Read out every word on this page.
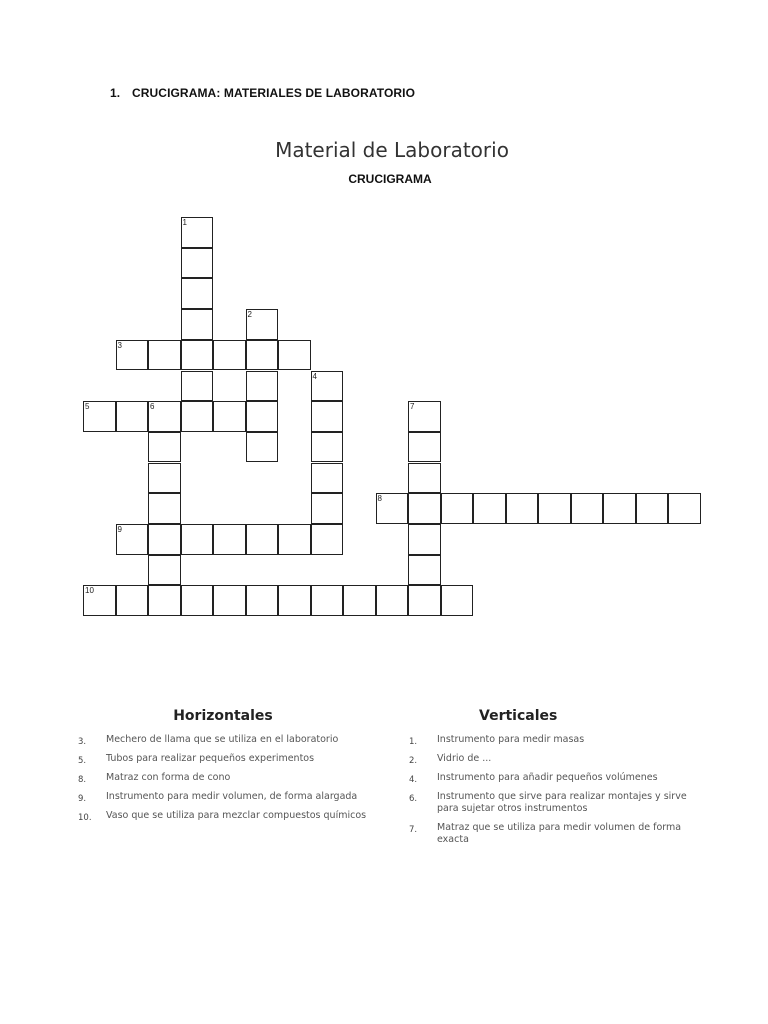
1. CRUCIGRAMA: MATERIALES DE LABORATORIO
Material de Laboratorio
CRUCIGRAMA
1
2
3
4
5	6	7
8
9
10
Horizontales
3. Mechero de llama que se utiliza en el laboratorio
5. Tubos para realizar pequeños experimentos
8. Matraz con forma de cono
9. Instrumento para medir volumen, de forma alargada
10. Vaso que se utiliza para mezclar compuestos químicos
Verticales
1. Instrumento para medir masas
2. Vidrio de ...
4. Instrumento para añadir pequeños volúmenes
6. Instrumento que sirve para realizar montajes y sirve para sujetar otros instrumentos
7. Matraz que se utiliza para medir volumen de forma exacta
